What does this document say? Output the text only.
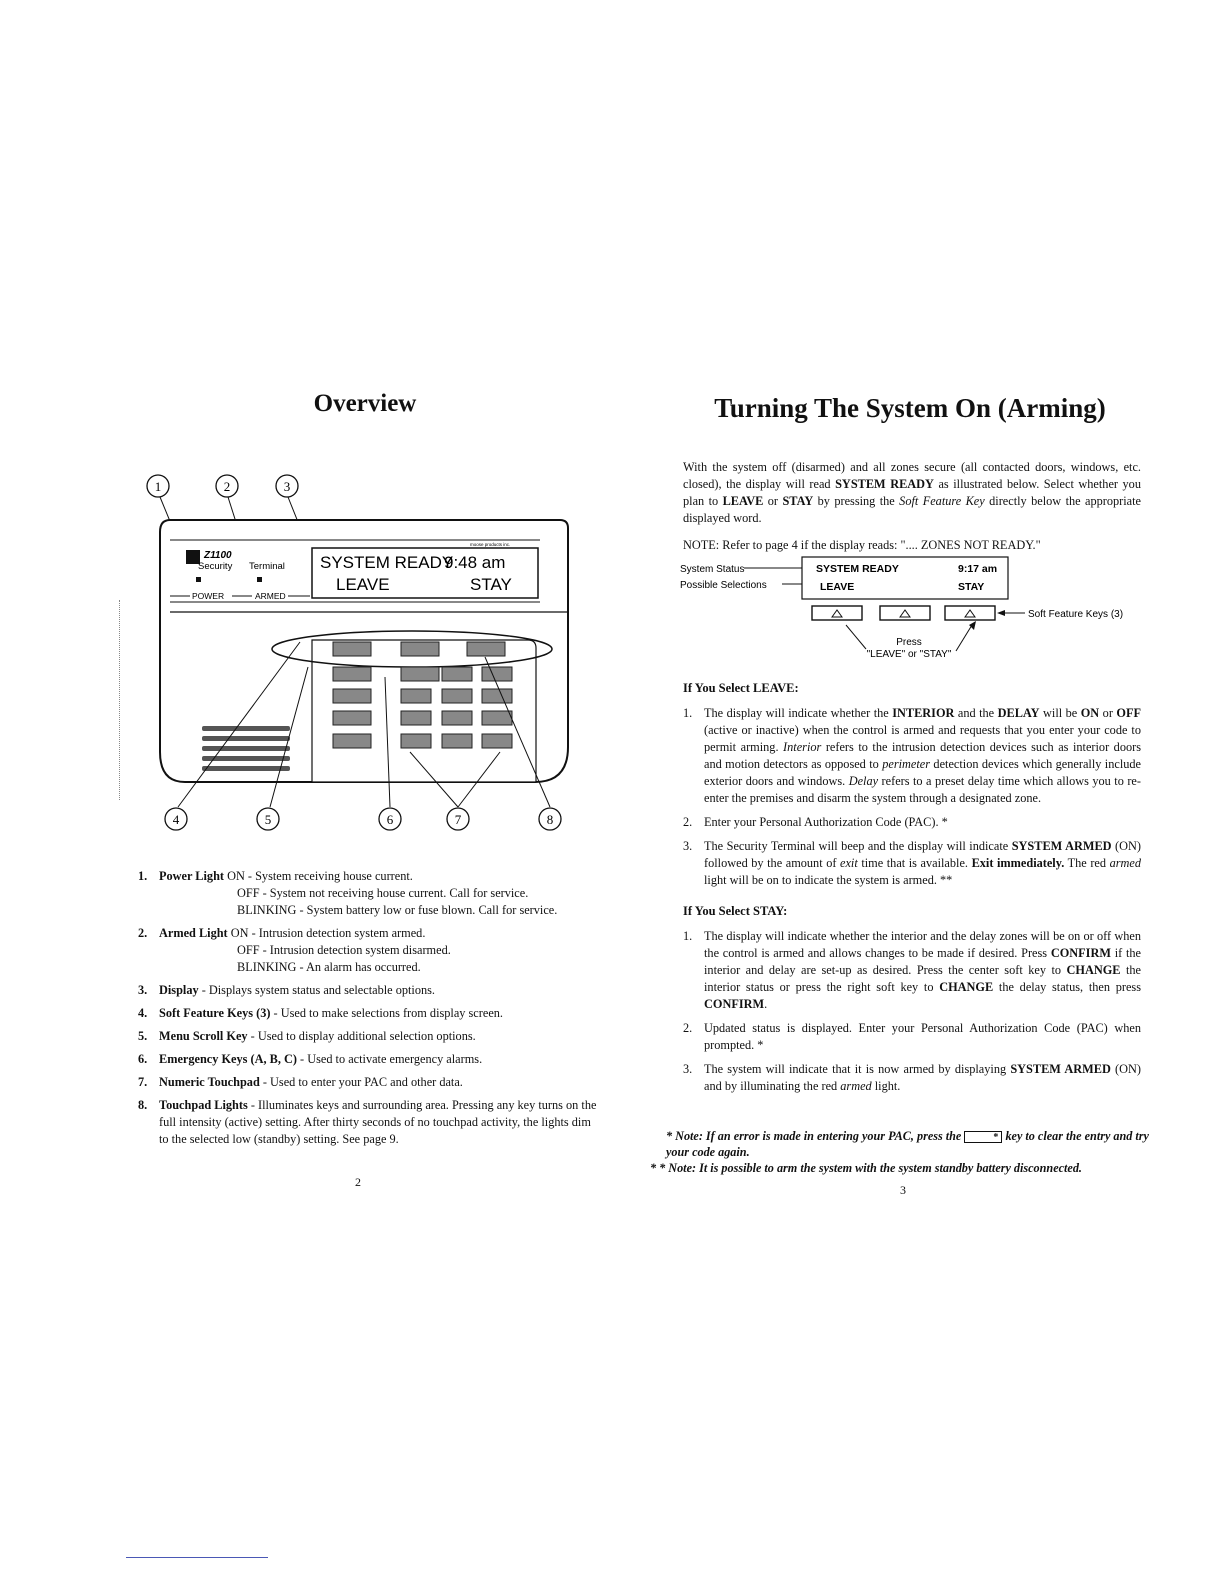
Overview
1	2	3
Z1100
Security Terminal
POWER	ARMED
moose products inc.
SYSTEM READY
9:48 am
LEAVE	STAY
4	5	6	7	8
1. Power Light ON - System receiving house current.
OFF - System not receiving house current. Call for service.
BLINKING - System battery low or fuse blown. Call for service.
2. Armed Light ON - Intrusion detection system armed.
OFF - Intrusion detection system disarmed.
BLINKING - An alarm has occurred.
3. Display - Displays system status and selectable options.
4. Soft Feature Keys (3) - Used to make selections from display screen.
5. Menu Scroll Key - Used to display additional selection options.
6. Emergency Keys (A, B, C) - Used to activate emergency alarms.
7. Numeric Touchpad - Used to enter your PAC and other data.
8. Touchpad Lights - Illuminates keys and surrounding area. Pressing any key turns on the full intensity (active) setting. After thirty seconds of no touchpad activity, the lights dim to the selected low (standby) setting. See page 9.
2
Turning The System On (Arming)

With the system off (disarmed) and all zones secure (all contacted doors, windows, etc. closed), the display will read SYSTEM READY as illustrated below. Select whether you plan to LEAVE or STAY by pressing the Soft Feature Key directly below the appropriate displayed word.

NOTE: Refer to page 4 if the display reads: ".... ZONES NOT READY."

System Status
Possible Selections
SYSTEM READY	9:17 am
LEAVE	STAY
Soft Feature Keys (3)
Press
"LEAVE" or "STAY"

If You Select LEAVE:

1. The display will indicate whether the INTERIOR and the DELAY will be ON or OFF (active or inactive) when the control is armed and requests that you enter your code to permit arming. Interior refers to the intrusion detection devices such as interior doors and motion detectors as opposed to perimeter detection devices which generally include exterior doors and windows. Delay refers to a preset delay time which allows you to re-enter the premises and disarm the system through a designated zone.
2. Enter your Personal Authorization Code (PAC). *
3. The Security Terminal will beep and the display will indicate SYSTEM ARMED (ON) followed by the amount of exit time that is available. Exit immediately. The red armed light will be on to indicate the system is armed. **

If You Select STAY:

1. The display will indicate whether the interior and the delay zones will be on or off when the control is armed and allows changes to be made if desired. Press CONFIRM if the interior and delay are set-up as desired. Press the center soft key to CHANGE the interior status or press the right soft key to CHANGE the delay status, then press CONFIRM.
2. Updated status is displayed. Enter your Personal Authorization Code (PAC) when prompted. *
3. The system will indicate that it is now armed by displaying SYSTEM ARMED (ON) and by illuminating the red armed light.
* Note: If an error is made in entering your PAC, press the	* key to clear the entry and try your code again.
* * Note: It is possible to arm the system with the system standby battery disconnected.
3
